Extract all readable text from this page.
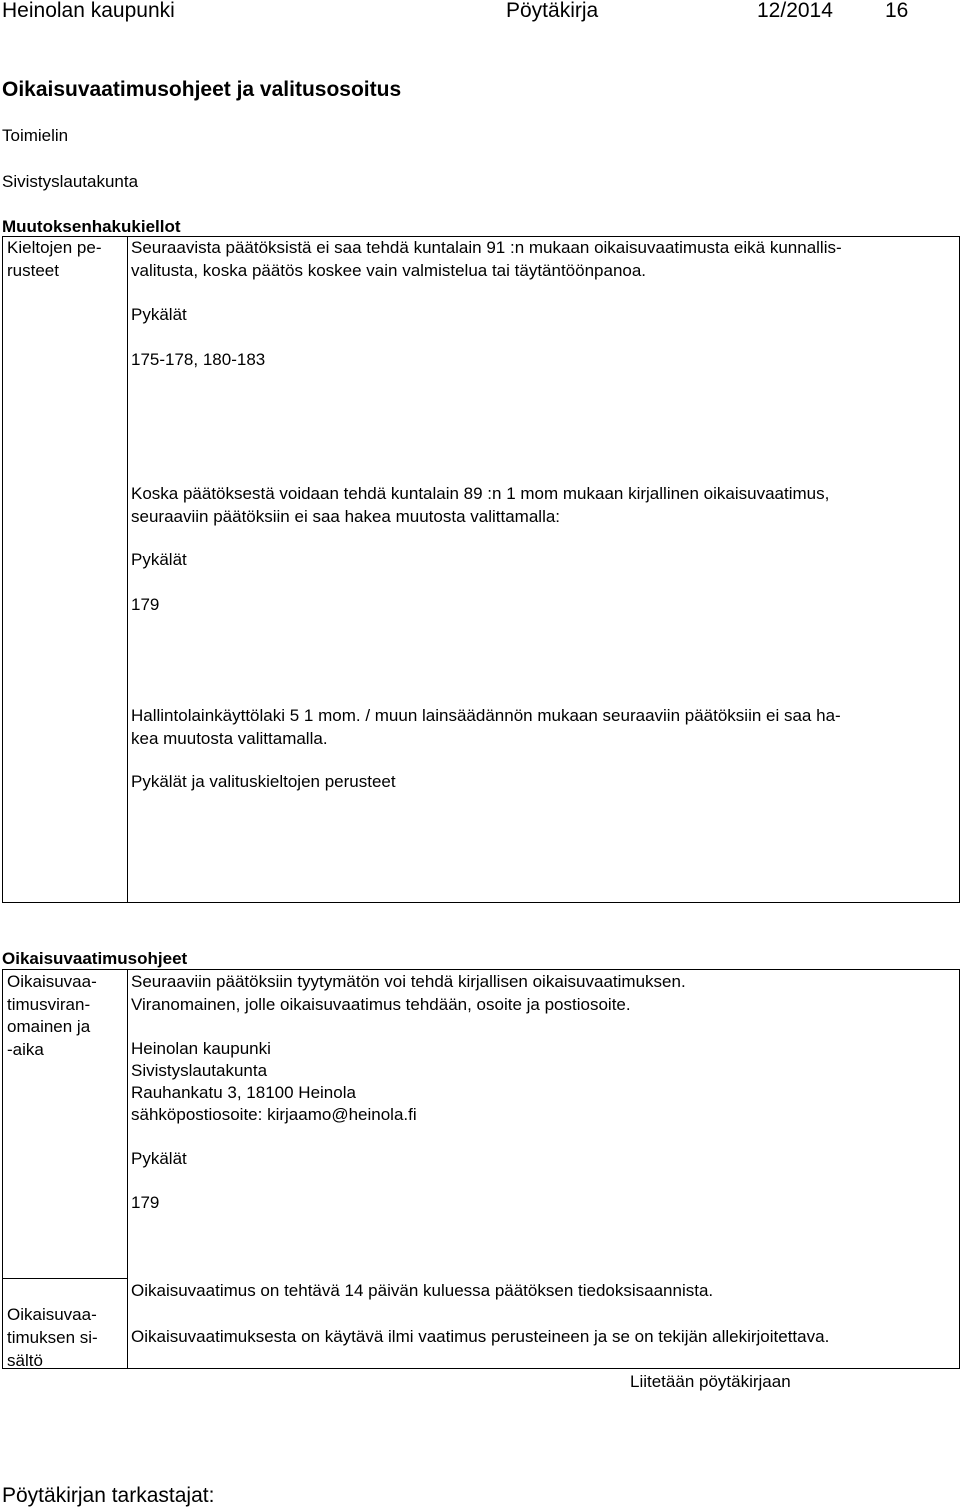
Heinolan kaupunki	Pöytäkirja	12/2014 16
Oikaisuvaatimusohjeet ja valitusosoitus
Toimielin
Sivistyslautakunta
Muutoksenhakukiellot
Kieltojen pe-
rusteet
Seuraavista päätöksistä ei saa tehdä kuntalain 91 :n mukaan oikaisuvaatimusta eikä kunnallis-
valitusta, koska päätös koskee vain valmistelua tai täytäntöönpanoa.
Pykälät
175-178, 180-183
Koska päätöksestä voidaan tehdä kuntalain 89 :n 1 mom mukaan kirjallinen oikaisuvaatimus,
seuraaviin päätöksiin ei saa hakea muutosta valittamalla:
Pykälät
179
Hallintolainkäyttölaki 5 1 mom. / muun lainsäädännön mukaan seuraaviin päätöksiin ei saa ha-
kea muutosta valittamalla.
Pykälät ja valituskieltojen perusteet
Oikaisuvaatimusohjeet
Oikaisuvaa-
timusviran-
omainen ja
-aika
Seuraaviin päätöksiin tyytymätön voi tehdä kirjallisen oikaisuvaatimuksen.
Viranomainen, jolle oikaisuvaatimus tehdään, osoite ja postiosoite.
Heinolan kaupunki
Sivistyslautakunta
Rauhankatu 3, 18100 Heinola
sähköpostiosoite: kirjaamo@heinola.fi
Pykälät
179
Oikaisuvaa-
timuksen si-
sältö
Oikaisuvaatimus on tehtävä 14 päivän kuluessa päätöksen tiedoksisaannista.
Oikaisuvaatimuksesta on käytävä ilmi vaatimus perusteineen ja se on tekijän allekirjoitettava.
Liitetään pöytäkirjaan
Pöytäkirjan tarkastajat:
